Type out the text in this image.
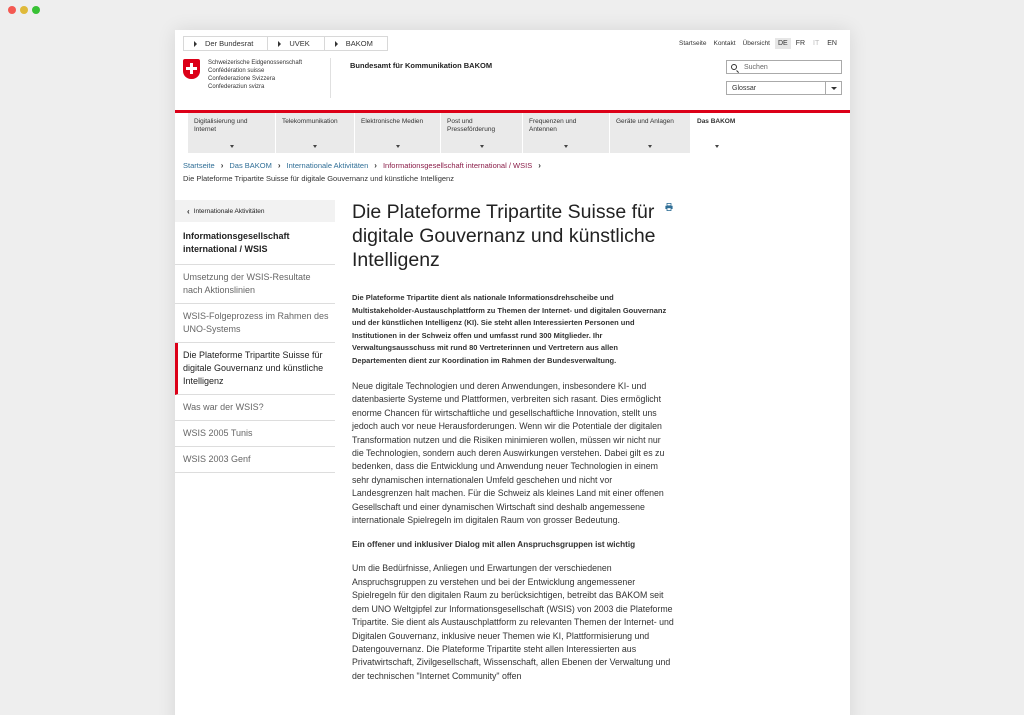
Der Bundesrat	UVEK	BAKOM	Startseite Kontakt Übersicht	DE	FR	IT	EN
Schweizerische Eidgenossenschaft
Confédération suisse
Confederazione Svizzera
Confederaziun svizra
Bundesamt für Kommunikation BAKOM	Suchen
Glossar
Digitalisierung und Internet
Telekommunikation	Elektronische Medien	Post und Presseförderung
Frequenzen und Antennen
Geräte und Anlagen	Das BAKOM
Startseite › Das BAKOM › Internationale Aktivitäten › Informationsgesellschaft international / WSIS ›
Die Plateforme Tripartite Suisse für digitale Gouvernanz und künstliche Intelligenz
‹ Internationale Aktivitäten
Informationsgesellschaft international / WSIS
Umsetzung der WSIS-Resultate nach Aktionslinien
WSIS-Folgeprozess im Rahmen des UNO-Systems
Die Plateforme Tripartite Suisse für digitale Gouvernanz und künstliche Intelligenz
Was war der WSIS?
WSIS 2005 Tunis
WSIS 2003 Genf
Die Plateforme Tripartite Suisse für digitale Gouvernanz und künstliche Intelligenz

Die Plateforme Tripartite dient als nationale Informationsdrehscheibe und Multistakeholder-Austauschplattform zu Themen der Internet- und digitalen Gouvernanz und der künstlichen Intelligenz (KI). Sie steht allen Interessierten Personen und Institutionen in der Schweiz offen und umfasst rund 300 Mitglieder. Ihr Verwaltungsausschuss mit rund 80 Vertreterinnen und Vertretern aus allen Departementen dient zur Koordination im Rahmen der Bundesverwaltung.

Neue digitale Technologien und deren Anwendungen, insbesondere KI- und datenbasierte Systeme und Plattformen, verbreiten sich rasant. Dies ermöglicht enorme Chancen für wirtschaftliche und gesellschaftliche Innovation, stellt uns jedoch auch vor neue Herausforderungen. Wenn wir die Potentiale der digitalen Transformation nutzen und die Risiken minimieren wollen, müssen wir nicht nur die Technologien, sondern auch deren Auswirkungen verstehen. Dabei gilt es zu bedenken, dass die Entwicklung und Anwendung neuer Technologien in einem sehr dynamischen internationalen Umfeld geschehen und nicht vor Landesgrenzen halt machen. Für die Schweiz als kleines Land mit einer offenen Gesellschaft und einer dynamischen Wirtschaft sind deshalb angemessene internationale Spielregeln im digitalen Raum von grosser Bedeutung.

Ein offener und inklusiver Dialog mit allen Anspruchsgruppen ist wichtig

Um die Bedürfnisse, Anliegen und Erwartungen der verschiedenen Anspruchsgruppen zu verstehen und bei der Entwicklung angemessener Spielregeln für den digitalen Raum zu berücksichtigen, betreibt das BAKOM seit dem UNO Weltgipfel zur Informationsgesellschaft (WSIS) von 2003 die Plateforme Tripartite. Sie dient als Austauschplattform zu relevanten Themen der Internet- und Digitalen Gouvernanz, inklusive neuer Themen wie KI, Plattformisierung und Datengouvernanz. Die Plateforme Tripartite steht allen Interessierten aus Privatwirtschaft, Zivilgesellschaft, Wissenschaft, allen Ebenen der Verwaltung und der technischen "Internet Community" offen
